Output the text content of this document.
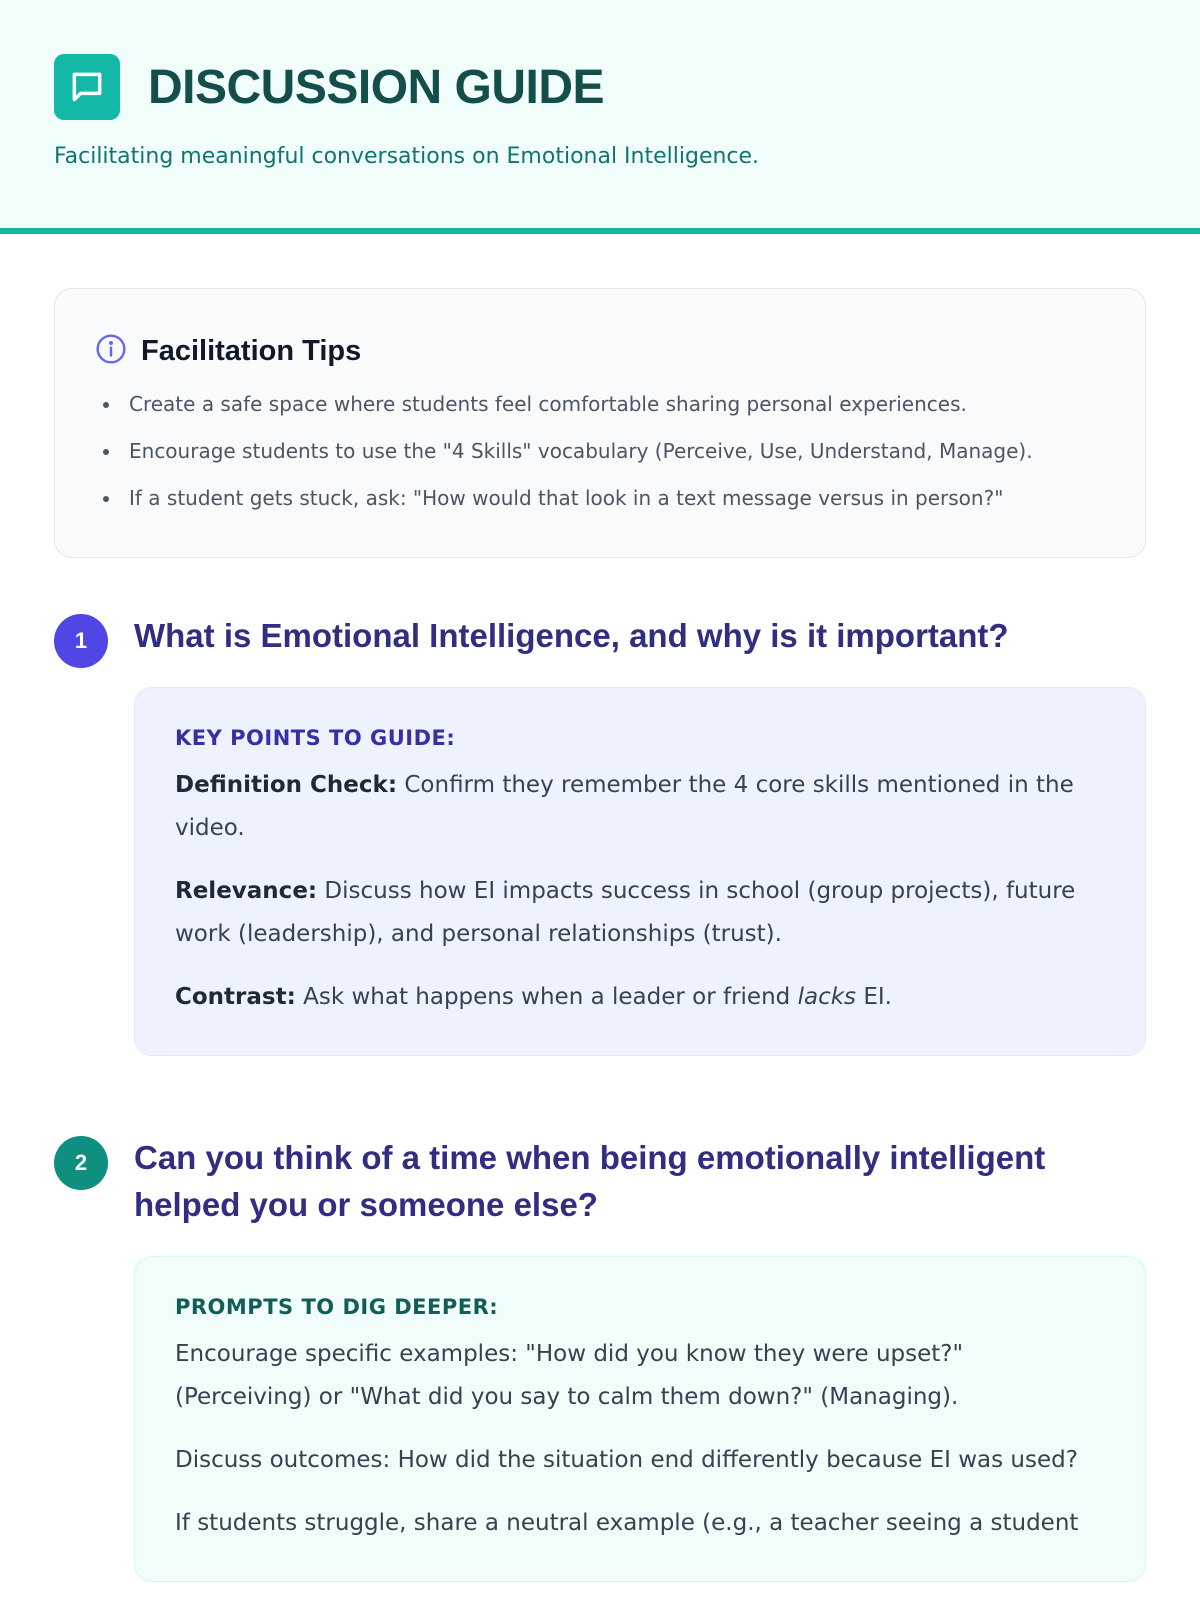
DISCUSSION GUIDE
Facilitating meaningful conversations on Emotional Intelligence.
Facilitation Tips
Create a safe space where students feel comfortable sharing personal experiences.
Encourage students to use the "4 Skills" vocabulary (Perceive, Use, Understand, Manage).
If a student gets stuck, ask: "How would that look in a text message versus in person?"
1	What is Emotional Intelligence, and why is it important?
KEY POINTS TO GUIDE:

Definition Check: Confirm they remember the 4 core skills mentioned in the video.

Relevance: Discuss how EI impacts success in school (group projects), future work (leadership), and personal relationships (trust).

Contrast: Ask what happens when a leader or friend lacks EI.

2	Can you think of a time when being emotionally intelligent helped you or someone else?
PROMPTS TO DIG DEEPER:

Encourage specific examples: "How did you know they were upset?" (Perceiving) or "What did you say to calm them down?" (Managing).

Discuss outcomes: How did the situation end differently because EI was used?

If students struggle, share a neutral example (e.g., a teacher seeing a student
